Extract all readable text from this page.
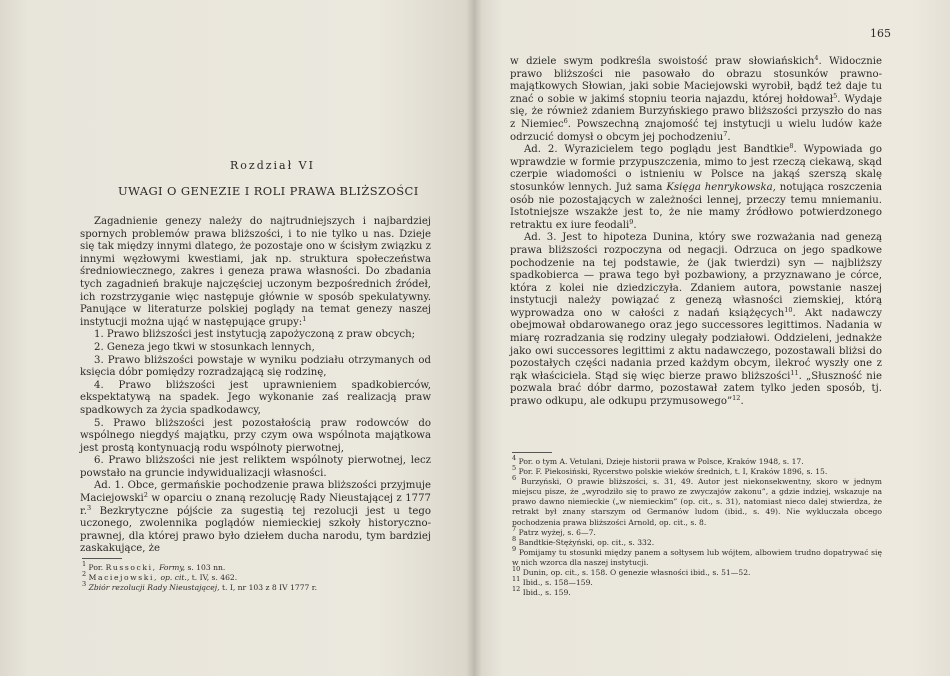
Rozdział VI
UWAGI O GENEZIE I ROLI PRAWA BLIŻSZOŚCI

Zagadnienie genezy należy do najtrudniejszych i najbardziej spornych problemów prawa bliższości, i to nie tylko u nas. Dzieje się tak między innymi dlatego, że pozostaje ono w ścisłym związku z innymi węzłowymi kwestiami, jak np. struktura społeczeństwa średniowiecznego, zakres i geneza prawa własności. Do zbadania tych zagadnień brakuje najczęściej uczonym bezpośrednich źródeł, ich rozstrzyganie więc następuje głównie w sposób spekulatywny. Panujące w literaturze polskiej poglądy na temat genezy naszej instytucji można ująć w następujące grupy:$^1$

1. Prawo bliższości jest instytucją zapożyczoną z praw obcych;

2. Geneza jego tkwi w stosunkach lennych,

3. Prawo bliższości powstaje w wyniku podziału otrzymanych od księcia dóbr pomiędzy rozradzającą się rodzinę,

4. Prawo bliższości jest uprawnieniem spadkobierców, ekspektatywą na spadek. Jego wykonanie zaś realizacją praw spadkowych za życia spadkodawcy,

5. Prawo bliższości jest pozostałością praw rodowców do wspólnego niegdyś majątku, przy czym owa wspólnota majątkowa jest prostą kontynuacją rodu wspólnoty pierwotnej,

6. Prawo bliższości nie jest reliktem wspólnoty pierwotnej, lecz powstało na gruncie indywidualizacji własności.

Ad. 1. Obce, germańskie pochodzenie prawa bliższości przyjmuje Maciejowski$^2$ w oparciu o znaną rezolucję Rady Nieustającej z 1777 r.$^3$ Bezkrytyczne pójście za sugestią tej rezolucji jest u tego uczonego, zwolennika poglądów niemieckiej szkoły historyczno-prawnej, dla której prawo było dziełem ducha narodu, tym bardziej zaskakujące, że

$^1$ Por. Russocki, Formy, s. 103 nn.

$^2$ Maciejowski, op. cit., t. IV, s. 462.

$^3$ Zbiór rezolucji Rady Nieustającej, t. I, nr 103 z 8 IV 1777 r.

165

w dziele swym podkreśla swoistość praw słowiańskich$^4$. Widocznie prawo bliższości nie pasowało do obrazu stosunków prawno-majątkowych Słowian, jaki sobie Maciejowski wyrobił, bądź też daje tu znać o sobie w jakimś stopniu teoria najazdu, której hołdował$^5$. Wydaje się, że również zdaniem Burzyńskiego prawo bliższości przyszło do nas z Niemiec$^6$. Powszechną znajomość tej instytucji u wielu ludów każe odrzucić domysł o obcym jej pochodzeniu$^7$.

Ad. 2. Wyrazicielem tego poglądu jest Bandtkie$^8$. Wypowiada go wprawdzie w formie przypuszczenia, mimo to jest rzeczą ciekawą, skąd czerpie wiadomości o istnieniu w Polsce na jakąś szerszą skalę stosunków lennych. Już sama Księga henrykowska, notująca roszczenia osób nie pozostających w zależności lennej, przeczy temu mniemaniu. Istotniejsze wszakże jest to, że nie mamy źródłowo potwierdzonego retraktu ex iure feodali$^9$.

Ad. 3. Jest to hipoteza Dunina, który swe rozważania nad genezą prawa bliższości rozpoczyna od negacji. Odrzuca on jego spadkowe pochodzenie na tej podstawie, że (jak twierdzi) syn — najbliższy spadkobierca — prawa tego był pozbawiony, a przyznawano je córce, która z kolei nie dziedziczyła. Zdaniem autora, powstanie naszej instytucji należy powiązać z genezą własności ziemskiej, którą wyprowadza ono w całości z nadań książęcych$^{10}$. Akt nadawczy obejmował obdarowanego oraz jego successores legittimos. Nadania w miarę rozradzania się rodziny ulegały podziałowi. Oddzieleni, jednakże jako owi successores legittimi z aktu nadawczego, pozostawali bliżsi do pozostałych części nadania przed każdym obcym, ilekroć wyszły one z rąk właściciela. Stąd się więc bierze prawo bliższości$^{11}$. „Słuszność nie pozwala brać dóbr darmo, pozostawał zatem tylko jeden sposób, tj. prawo odkupu, ale odkupu przymusowego”$^{12}$.

$^4$ Por. o tym A. Vetulani, Dzieje historii prawa w Polsce, Kraków 1948, s. 17.

$^5$ Por. F. Piekosiński, Rycerstwo polskie wieków średnich, t. I, Kraków 1896, s. 15.

$^6$ Burzyński, O prawie bliższości, s. 31, 49. Autor jest niekonsekwentny, skoro w jednym miejscu pisze, że „wyrodziło się to prawo ze zwyczajów zakonu”, a gdzie indziej, wskazuje na prawo dawno niemieckie („w niemieckim” (op. cit., s. 31), natomiast nieco dalej stwierdza, że retrakt był znany starszym od Germanów ludom (ibid., s. 49). Nie wykluczała obcego pochodzenia prawa bliższości Arnold, op. cit., s. 8.

$^7$ Patrz wyżej, s. 6—7.

$^8$ Bandtkie-Stężyński, op. cit., s. 332.

$^9$ Pomijamy tu stosunki między panem a sołtysem lub wójtem, albowiem trudno dopatrywać się w nich wzorca dla naszej instytucji.

$^{10}$ Dunin, op. cit., s. 158. O genezie własności ibid., s. 51—52.

$^{11}$ Ibid., s. 158—159.

$^{12}$ Ibid., s. 159.
